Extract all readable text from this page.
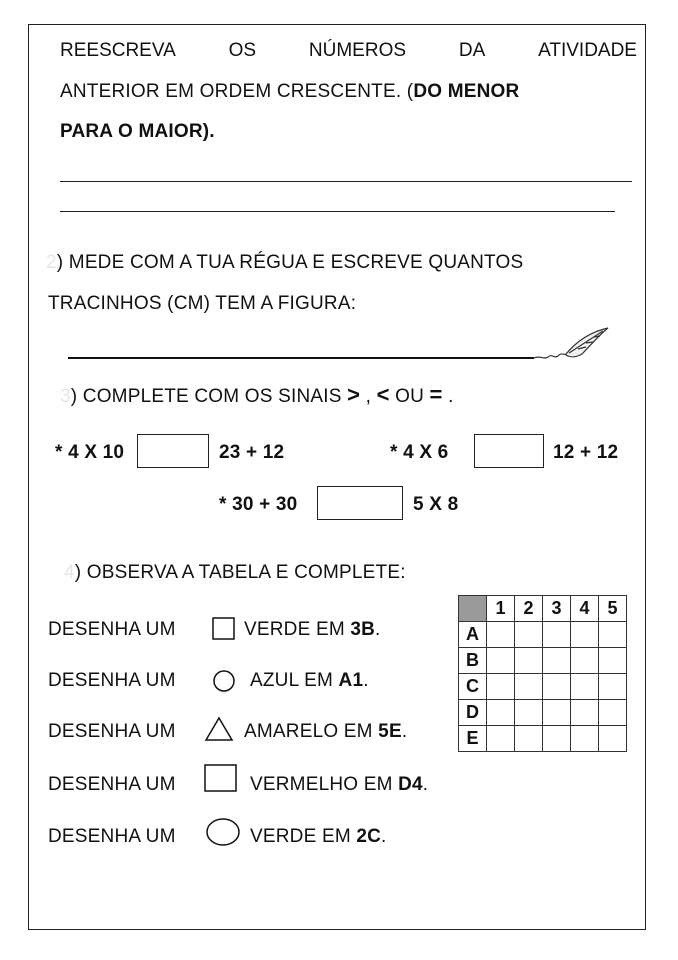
REESCREVA	OS	NÚMEROS	DA	ATIVIDADE
ANTERIOR EM ORDEM CRESCENTE. (DO MENOR
PARA O MAIOR).
2) MEDE COM A TUA RÉGUA E ESCREVE QUANTOS
TRACINHOS (CM) TEM A FIGURA:
3) COMPLETE COM OS SINAIS > , < OU = .
* 4 X 10	23 + 12	* 4 X 6	12 + 12
* 30 + 30	5 X 8
4) OBSERVA A TABELA E COMPLETE:
DESENHA UM	VERDE EM 3B.
DESENHA UM	AZUL EM A1.
DESENHA UM	AMARELO EM 5E.
DESENHA UM	VERMELHO EM D4.
DESENHA UM	VERDE EM 2C.
	1	2	3	4	5
A					
B					
C					
D					
E					
